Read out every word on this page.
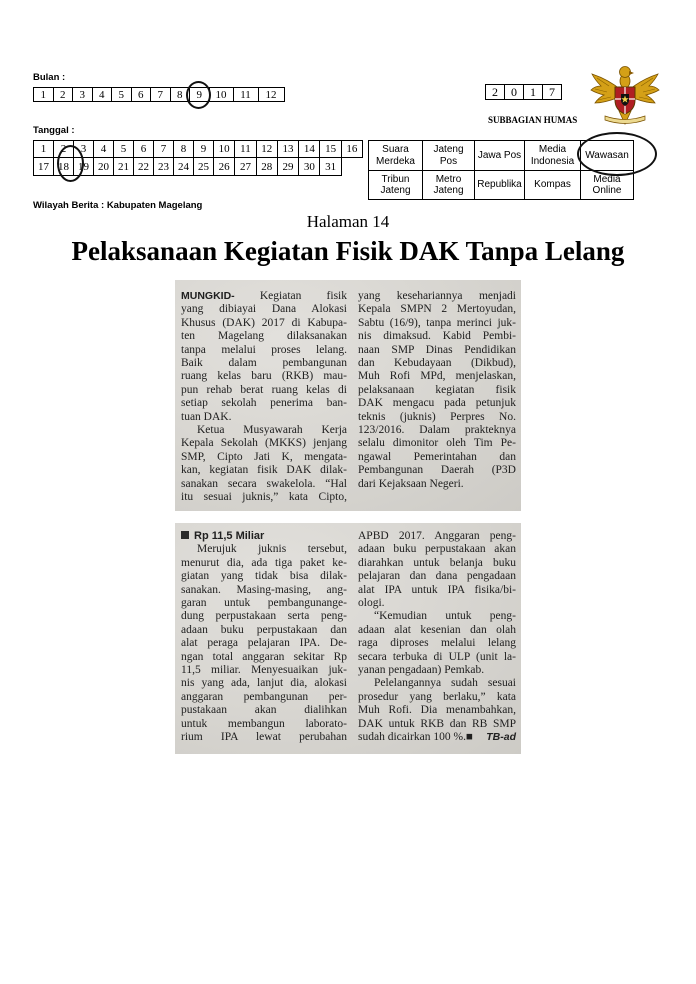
Bulan :
1	2	3	4	5	6	7	8	9	10	11	12	2	0	1	7
SUBBAGIAN HUMAS
Tanggal :
1	2	3	4	5	6	7	8	9	10	11	12	13	14	15	16
17	18	19	20	21	22	23	24	25	26	27	28	29	30	31	
Suara Merdeka	Jateng Pos	Jawa Pos	Media Indonesia	Wawasan
Tribun Jateng	Metro Jateng	Republika	Kompas	Media Online
Wilayah Berita : Kabupaten Magelang
Halaman 14
Pelaksanaan Kegiatan Fisik DAK Tanpa Lelang
MUNGKID- Kegiatan fisik
yang dibiayai Dana Alokasi
Khusus (DAK) 2017 di Kabupa-
ten Magelang dilaksanakan
tanpa melalui proses lelang.
Baik dalam pembangunan
ruang kelas baru (RKB) mau-
pun rehab berat ruang kelas di
setiap sekolah penerima ban-
tuan DAK.
Ketua Musyawarah Kerja
Kepala Sekolah (MKKS) jenjang
SMP, Cipto Jati K, mengata-
kan, kegiatan fisik DAK dilak-
sanakan secara swakelola. “Hal
itu sesuai juknis,” kata Cipto,
yang kesehariannya menjadi
Kepala SMPN 2 Mertoyudan,
Sabtu (16/9), tanpa merinci juk-
nis dimaksud. Kabid Pembi-
naan SMP Dinas Pendidikan
dan Kebudayaan (Dikbud),
Muh Rofi MPd, menjelaskan,
pelaksanaan kegiatan fisik
DAK mengacu pada petunjuk
teknis (juknis) Perpres No.
123/2016. Dalam prakteknya
selalu dimonitor oleh Tim Pe-
ngawal Pemerintahan dan
Pembangunan Daerah (P3D
dari Kejaksaan Negeri.
Rp 11,5 Miliar
Merujuk juknis tersebut,
menurut dia, ada tiga paket ke-
giatan yang tidak bisa dilak-
sanakan. Masing-masing, ang-
garan untuk pembangunange-
dung perpustakaan serta peng-
adaan buku perpustakaan dan
alat peraga pelajaran IPA. De-
ngan total anggaran sekitar Rp
11,5 miliar. Menyesuaikan juk-
nis yang ada, lanjut dia, alokasi
anggaran pembangunan per-
pustakaan akan dialihkan
untuk membangun laborato-
rium IPA lewat perubahan
APBD 2017. Anggaran peng-
adaan buku perpustakaan akan
diarahkan untuk belanja buku
pelajaran dan dana pengadaan
alat IPA untuk IPA fisika/bi-
ologi.
“Kemudian untuk peng-
adaan alat kesenian dan olah
raga diproses melalui lelang
secara terbuka di ULP (unit la-
yanan pengadaan) Pemkab.
Pelelangannya sudah sesuai
prosedur yang berlaku,” kata
Muh Rofi. Dia menambahkan,
DAK untuk RKB dan RB SMP
TB-ad
sudah dicairkan 100 %.■
